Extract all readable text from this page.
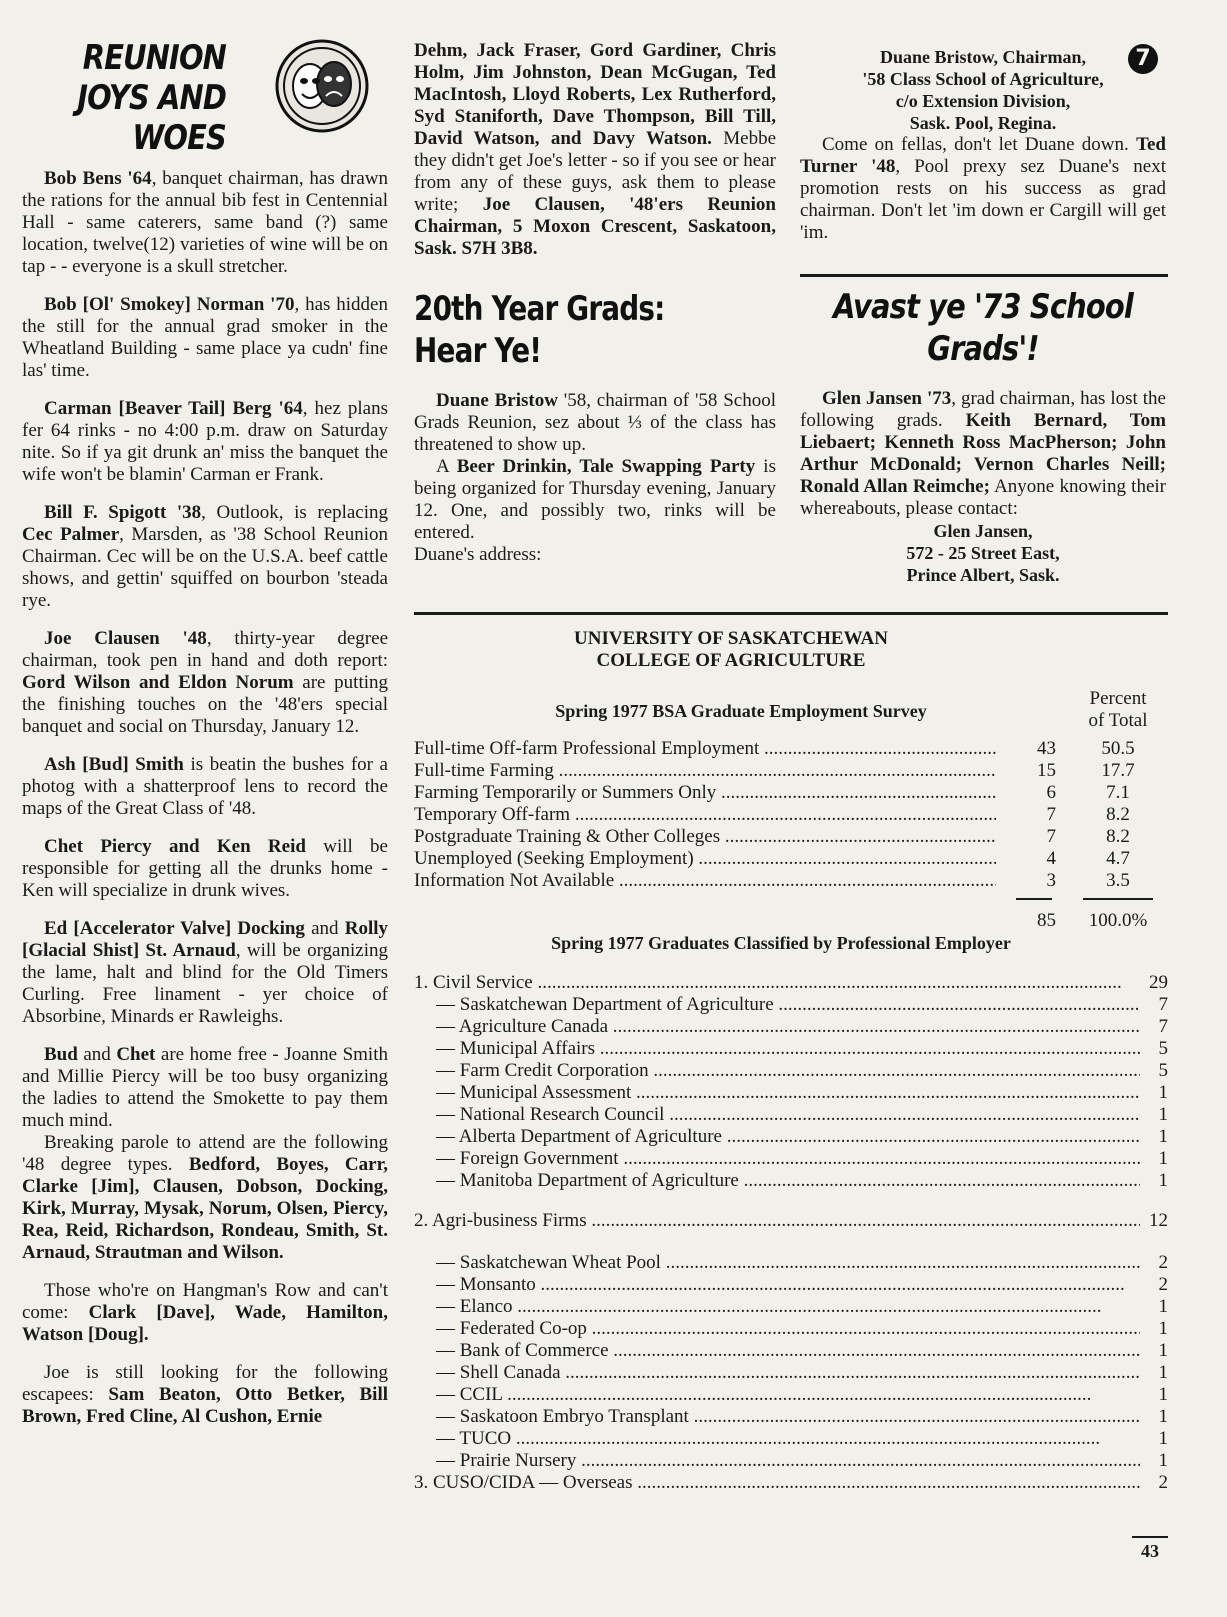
REUNION JOYS AND WOES

Bob Bens '64, banquet chairman, has drawn the rations for the annual bib fest in Centennial Hall - same caterers, same band (?) same location, twelve(12) varieties of wine will be on tap - - everyone is a skull stretcher.

Bob [Ol' Smokey] Norman '70, has hidden the still for the annual grad smoker in the Wheatland Building - same place ya cudn' fine las' time.

Carman [Beaver Tail] Berg '64, hez plans fer 64 rinks - no 4:00 p.m. draw on Saturday nite. So if ya git drunk an' miss the banquet the wife won't be blamin' Carman er Frank.

Bill F. Spigott '38, Outlook, is replacing Cec Palmer, Marsden, as '38 School Reunion Chairman. Cec will be on the U.S.A. beef cattle shows, and gettin' squiffed on bourbon 'steada rye.

Joe Clausen '48, thirty-year degree chairman, took pen in hand and doth report: Gord Wilson and Eldon Norum are putting the finishing touches on the '48'ers special banquet and social on Thursday, January 12.

Ash [Bud] Smith is beatin the bushes for a photog with a shatterproof lens to record the maps of the Great Class of '48.

Chet Piercy and Ken Reid will be responsible for getting all the drunks home - Ken will specialize in drunk wives.

Ed [Accelerator Valve] Docking and Rolly [Glacial Shist] St. Arnaud, will be organizing the lame, halt and blind for the Old Timers Curling. Free linament - yer choice of Absorbine, Minards er Rawleighs.

Bud and Chet are home free - Joanne Smith and Millie Piercy will be too busy organizing the ladies to attend the Smokette to pay them much mind.

Breaking parole to attend are the following '48 degree types. Bedford, Boyes, Carr, Clarke [Jim], Clausen, Dobson, Docking, Kirk, Murray, Mysak, Norum, Olsen, Piercy, Rea, Reid, Richardson, Rondeau, Smith, St. Arnaud, Strautman and Wilson.

Those who're on Hangman's Row and can't come: Clark [Dave], Wade, Hamilton, Watson [Doug].

Joe is still looking for the following escapees: Sam Beaton, Otto Betker, Bill Brown, Fred Cline, Al Cushon, Ernie

Dehm, Jack Fraser, Gord Gardiner, Chris Holm, Jim Johnston, Dean McGugan, Ted MacIntosh, Lloyd Roberts, Lex Rutherford, Syd Staniforth, Dave Thompson, Bill Till, David Watson, and Davy Watson. Mebbe they didn't get Joe's letter - so if you see or hear from any of these guys, ask them to please write; Joe Clausen, '48'ers Reunion Chairman, 5 Moxon Crescent, Saskatoon, Sask. S7H 3B8.

20th Year Grads:
Hear Ye!

Duane Bristow '58, chairman of '58 School Grads Reunion, sez about ⅓ of the class has threatened to show up.

A Beer Drinkin, Tale Swapping Party is being organized for Thursday evening, January 12. One, and possibly two, rinks will be entered.

Duane's address:

Duane Bristow, Chairman,
'58 Class School of Agriculture,
c/o Extension Division,
Sask. Pool, Regina.

Come on fellas, don't let Duane down. Ted Turner '48, Pool prexy sez Duane's next promotion rests on his success as grad chairman. Don't let 'im down er Cargill will get 'im.

7
Avast ye '73 School
Grads'!

Glen Jansen '73, grad chairman, has lost the following grads. Keith Bernard, Tom Liebaert; Kenneth Ross MacPherson; John Arthur McDonald; Vernon Charles Neill; Ronald Allan Reimche; Anyone knowing their whereabouts, please contact:

Glen Jansen,
572 - 25 Street East,
Prince Albert, Sask.
UNIVERSITY OF SASKATCHEWAN
COLLEGE OF AGRICULTURE
Spring 1977 BSA Graduate Employment Survey
Percent
of Total
Full-time Off-farm Professional Employment .....	43	50.5
Full-time Farming .....	15	17.7
Farming Temporarily or Summers Only .....	6	7.1
Temporary Off-farm .....	7	8.2
Postgraduate Training & Other Colleges .....	7	8.2
Unemployed (Seeking Employment) .....	4	4.7
Information Not Available .....	3	3.5
85	100.0%
Spring 1977 Graduates Classified by Professional Employer
1. Civil Service .....	29
— Saskatchewan Department of Agriculture .....	7
— Agriculture Canada .....	7
— Municipal Affairs .....	5
— Farm Credit Corporation .....	5
— Municipal Assessment .....	1
— National Research Council .....	1
— Alberta Department of Agriculture .....	1
— Foreign Government .....	1
— Manitoba Department of Agriculture .....	1
2. Agri-business Firms .....	12
— Saskatchewan Wheat Pool .....	2
— Monsanto .....	2
— Elanco .....	1
— Federated Co-op .....	1
— Bank of Commerce .....	1
— Shell Canada .....	1
— CCIL .....	1
— Saskatoon Embryo Transplant .....	1
— TUCO .....	1
— Prairie Nursery .....	1
3. CUSO/CIDA — Overseas .....	2
43
